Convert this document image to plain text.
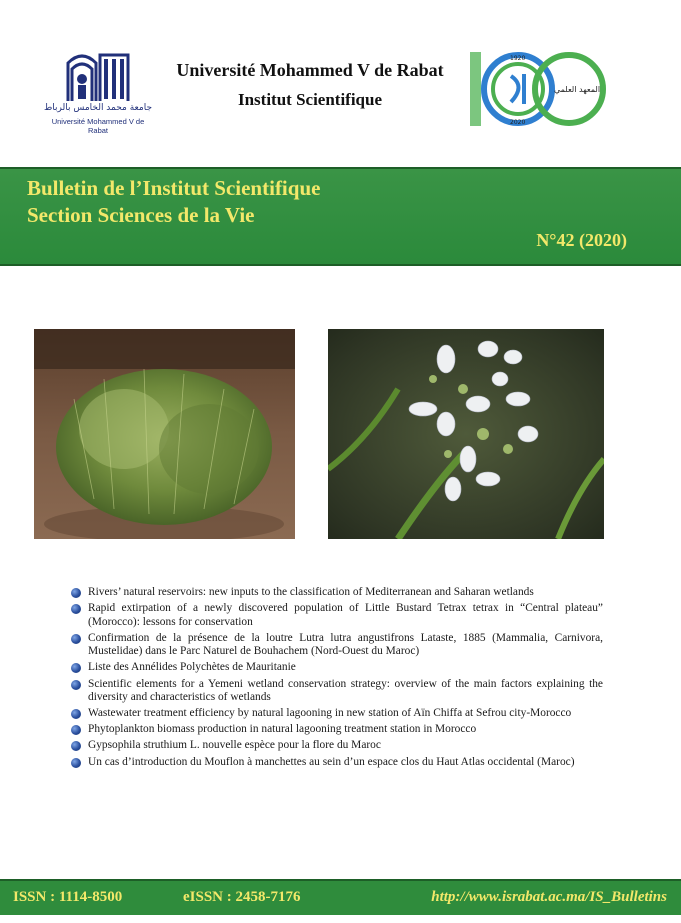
جامعة محمد الخامس بالرباط
Université Mohammed V de Rabat
Université Mohammed V de Rabat
Institut Scientifique
1920
2020
المعهد العلمي
Bulletin de l’Institut Scientifique
Section Sciences de la Vie
N°42 (2020)
Rivers’ natural reservoirs: new inputs to the classification of Mediterranean and Saharan wetlands
Rapid extirpation of a newly discovered population of Little Bustard Tetrax tetrax in “Central plateau” (Morocco): lessons for conservation
Confirmation de la présence de la loutre Lutra lutra angustifrons Lataste, 1885 (Mammalia, Carnivora, Mustelidae) dans le Parc Naturel de Bouhachem (Nord-Ouest du Maroc)
Liste des Annélides Polychètes de Mauritanie
Scientific elements for a Yemeni wetland conservation strategy: overview of the main factors explaining the diversity and characteristics of wetlands
Wastewater treatment efficiency by natural lagooning in new station of Aïn Chiffa at Sefrou city-Morocco
Phytoplankton biomass production in natural lagooning treatment station in Morocco
Gypsophila struthium L. nouvelle espèce pour la flore du Maroc
Un cas d’introduction du Mouflon à manchettes au sein d’un espace clos du Haut Atlas occidental (Maroc)
ISSN : 1114-8500	eISSN : 2458-7176	http://www.israbat.ac.ma/IS_Bulletins
